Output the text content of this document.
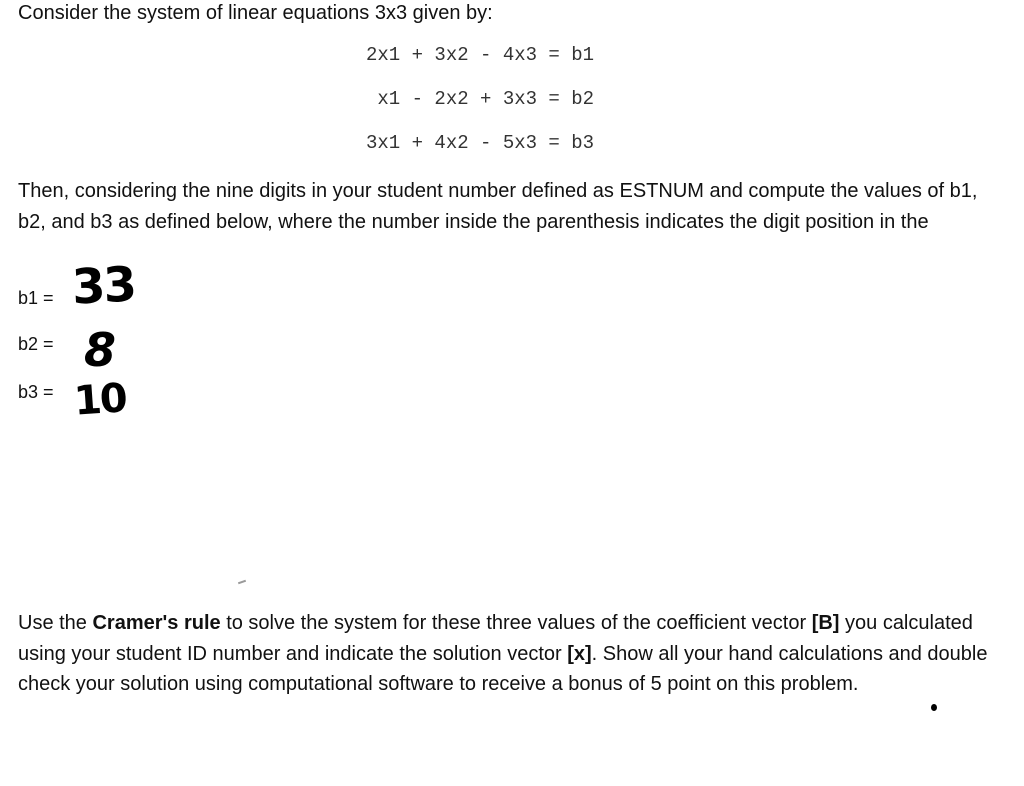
Consider the system of linear equations 3x3 given by:
2x1 + 3x2 - 4x3 = b1
x1 - 2x2 + 3x3 = b2
3x1 + 4x2 - 5x3 = b3
Then, considering the nine digits in your student number defined as ESTNUM and compute the values of b1, b2, and b3 as defined below, where the number inside the parenthesis indicates the digit position in the
b1 = 33
b2 = 8
b3 = 10
Use the Cramer's rule to solve the system for these three values of the coefficient vector [B] you calculated using your student ID number and indicate the solution vector [x]. Show all your hand calculations and double check your solution using computational software to receive a bonus of 5 point on this problem.
